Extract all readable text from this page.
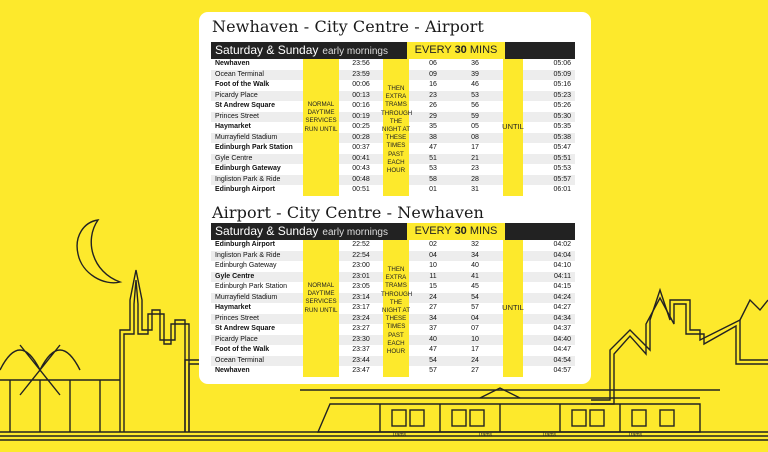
Trams	Trams	Trams	Trams
Newhaven - City Centre - Airport
Saturday & Sunday early mornings	EVERY 30 MINS
Edinburgh Airport	00:51	01	31	06:01
Ingliston Park & Ride	00:48	58	28	05:57
Edinburgh Gateway	00:43	53	23	05:53
Gyle Centre	00:41	51	21	05:51
Edinburgh Park Station	00:37	47	17	05:47
Murrayfield Stadium	00:28	38	08	05:38
Haymarket	00:25	35	05	05:35
Princes Street	00:19	29	59	05:30
St Andrew Square	00:16	26	56	05:26
Picardy Place	00:13	23	53	05:23
Foot of the Walk	00:06	16	46	05:16
Ocean Terminal	23:59	09	39	05:09
Newhaven	23:56	06	36	05:06
NORMAL DAYTIME SERVICES RUN UNTIL
THEN EXTRA TRAMS THROUGH THE NIGHT AT THESE TIMES PAST EACH HOUR
UNTIL
Airport - City Centre - Newhaven
Saturday & Sunday early mornings	EVERY 30 MINS
Newhaven	23:47	57	27	04:57
Ocean Terminal	23:44	54	24	04:54
Foot of the Walk	23:37	47	17	04:47
Picardy Place	23:30	40	10	04:40
St Andrew Square	23:27	37	07	04:37
Princes Street	23:24	34	04	04:34
Haymarket	23:17	27	57	04:27
Murrayfield Stadium	23:14	24	54	04:24
Edinburgh Park Station	23:05	15	45	04:15
Gyle Centre	23:01	11	41	04:11
Edinburgh Gateway	23:00	10	40	04:10
Ingliston Park & Ride	22:54	04	34	04:04
Edinburgh Airport	22:52	02	32	04:02
NORMAL DAYTIME SERVICES RUN UNTIL
THEN EXTRA TRAMS THROUGH THE NIGHT AT THESE TIMES PAST EACH HOUR
UNTIL
